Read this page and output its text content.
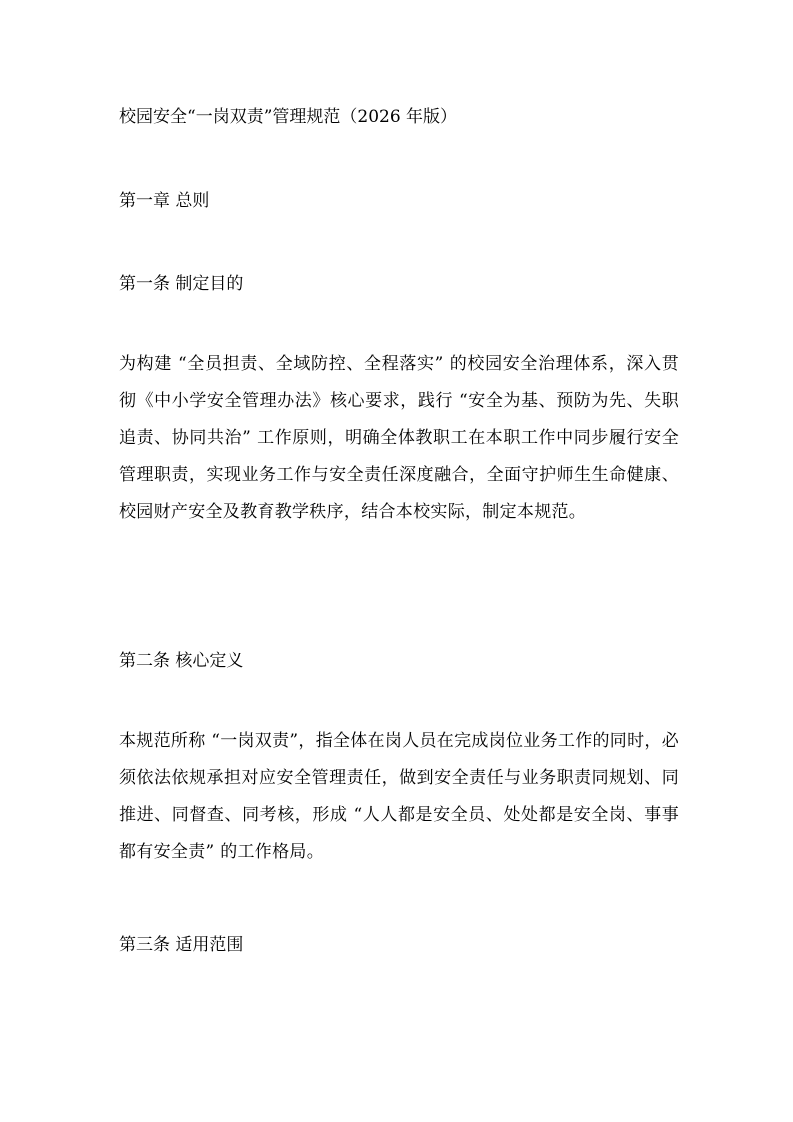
校园安全“一岗双责”管理规范（2026 年版）
第一章 总则
第一条 制定目的
为构建 “全员担责、全域防控、全程落实” 的校园安全治理体系，深入贯彻《中小学安全管理办法》核心要求，践行 “安全为基、预防为先、失职追责、协同共治” 工作原则，明确全体教职工在本职工作中同步履行安全管理职责，实现业务工作与安全责任深度融合，全面守护师生生命健康、校园财产安全及教育教学秩序，结合本校实际，制定本规范。
第二条 核心定义
本规范所称 “一岗双责”，指全体在岗人员在完成岗位业务工作的同时，必须依法依规承担对应安全管理责任，做到安全责任与业务职责同规划、同推进、同督查、同考核，形成 “人人都是安全员、处处都是安全岗、事事都有安全责” 的工作格局。
第三条 适用范围
